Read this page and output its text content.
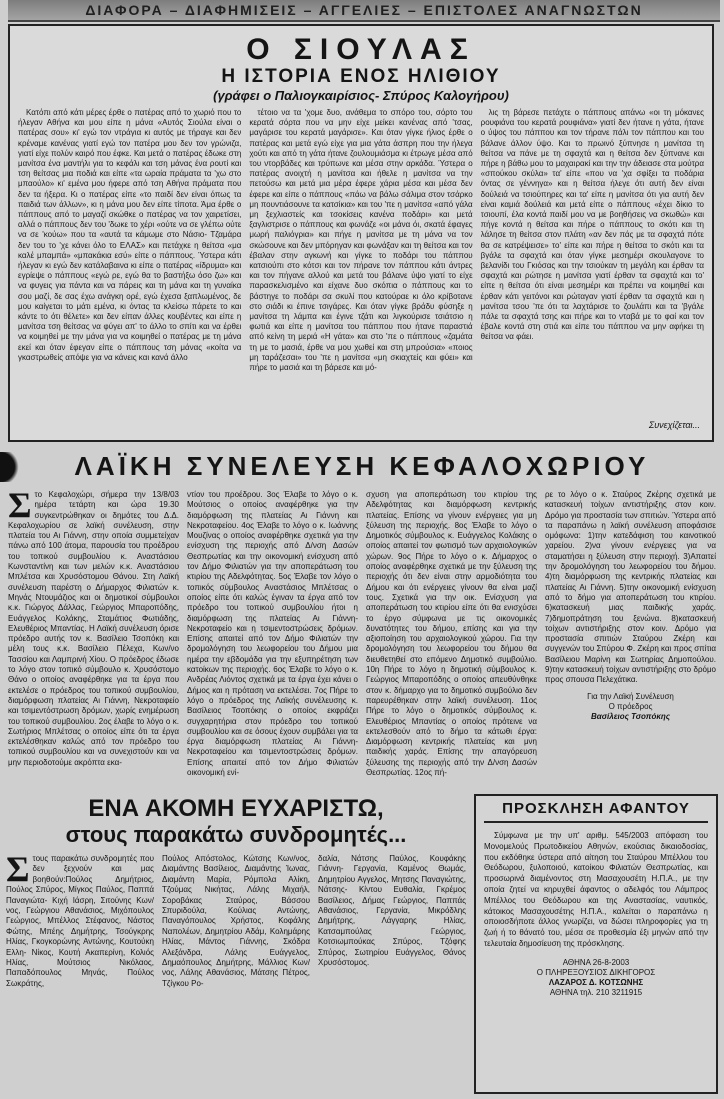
ΔΙΑΦΟΡΑ – ΔΙΑΦΗΜΙΣΕΙΣ – ΑΓΓΕΛΙΕΣ – ΕΠΙΣΤΟΛΕΣ ΑΝΑΓΝΩΣΤΩΝ
Ο ΣΙΟΥΛΑΣ
Η ΙΣΤΟΡΙΑ ΕΝΟΣ ΗΛΙΘΙΟΥ
(γράφει ο Παλιογκαιρίσιος- Σπύρος Καλογήρου)

Κατόπι από κάτι μέρες έρθε ο πατέρας από το χωριό που το ήλεγαν Αθήνα και μου είπε η μάνα «Αυτός Σιούλα είναι ο πατέρας σου» κι' εγώ τον ντράγια κι αυτός με τήραγε και δεν κρέναμε κανένας γιατί εγώ τον πατέρα μου δεν τον γρώνιζα, γιατί είχε πολύν καιρό που έφκε. Και μετά ο πατέρας έδωκε στη μανίτσα ένα μαντήλι για το κεφάλι και τση μάνας ένα ρουτί και τση θείτσας μια ποδιά και είπε «τα ωραία πράματα τα 'χω στο μπαούλο» κι' εμένα μου ήφερε από τση Αθήνα πράματα που δεν τα ήξερα. Κι ο πατέρας είπε «το παιδί δεν είναι όπως τα παιδιά των άλλων», κι η μάνα μου δεν είπε τίποτα. Άμα έρθε ο πάππους από το μαγαζί σκώθκε ο πατέρας να τον χαιρετίσει, αλλά ο πάππους δεν του 'δωκε το χέρι «ούτε να σε γλέπω ούτε να σε 'κούω» που τα «αυτά τα κάμωμε στο Νάσιο- Τζαμάρα δεν του το 'χε κάνει όλο το ΕΛΑΣ» και πετάχκε η θείτσα «μα καλέ μπαμπά» «μπακάκια εσύ» είπε ο πάππους. Ύστερα κάτι ήλεγαν κι εγώ δεν κατάλαβαινα κι είπε ο πατέρας «ίδρυμα» και εγρίεψε ο πάππους «εγώ ρε, εγώ θα το βαστήξω όσο ζω» και να φυγεις για πάντα και να πάρεις και τη μάνα και τη γυναίκα σου μαζί, δε σας έχω ανάγκη ορέ, εγώ έχεσα ξαπλωμένος, δε μου καίγεται το μάτι εμένα, κι όντας τα κλείσω πάρετε το και κάντε το ότι θέλετε» και δεν είπαν άλλες κουβέντες και είπε η μανίτσα τση θείτσας να φύγει απ' το άλλο το σπίτι και να έρθει να κοιμηθεί με την μάνα για να κοιμηθεί ο πατέρας με τη μάνα εκεί και όταν έφεγαν είπε ο πάππους τση μάνας «κοίτα να γκαστρωθείς απόψε για να κάνεις και κανά άλλο

τέτοιο να τα 'χομε δυο, ανάθεμα το σπόρο του, σόρτο του κερατά σόρτα που να μην είχε μείκει κανένας από 'τσας, μαγάρισε του κερατά μαγάρισε». Και όταν γίγκε ήλιος έρθε ο πατέρας και μετά εγώ είχε για μια γάτα άσπρη που την ήλεγα χούτι και από τη γάτα ήτανε ζουλουμιάσμα κι έτρωγε μέσα από του ντορβάδες και τρύπωνε και μέσα στην αρκάδα. Ύστερα ο πατέρας ανοιχτή η μανίτσα και ήθελε η μανίτσα να την πετούσω και μετά μια μέρα έφερε χάρια μέσα και μέσα δεν έφερε και είπε ο πάππους «πάω να βάλω σάλιμα στον τσάρκο μη πουντιάσουνε τα κατσίκια» και του 'πε η μανίτσα «από γάλα μη ξεχλιαστείς και τσοκίσεις κανένα ποδάρι» και μετά ξαγλιστρισε ο πάππους και φωνάζε «οι μάνα όι, σκατά έφαγες μωρή παλιόγρια» και πήγε η μανίτσα με τη μάνα να τον σκώσουνε και δεν μπόρηγαν και φωνάξαν και τη θείτσα και τον έβαλαν στην αγκωνή και γίγκε το ποδάρι του πάππου κατσιούπι στο κότσι και τον πήρανε τον πάππου κάτι άντρες και τον πήγανε αλλού και μετά του βάλανε ύψο γιατί το είχε παρασκελισμένο και είχανε δυο σκόπια ο πάππους και το βάστηγε το ποδάρι σα σκυλί που κατούραε κι όλο κρίβοτανε στο σιάδι κι έπινε τσιγάρες. Και όταν γίγκε βράδυ φύσηξε η μανίτσα τη λάμπα και έγινε τζάτι και λιγκούρισε τσιάτσιο η φωτιά και είπε η μανίτσα του πάππου που ήτανε παραστιά από κείνη τη μεριά «Η γάτα» και στο 'πε ο πάππους «ζαμάτα τη με το μασιά, έρθε να μου χωθεί και στη μπρούσια» «ποιος μη ταράζεσαι» του 'πε η μανίτσα «μη σκιαχτείς και φύει» και πήρε το μασιά και τη βάρεσε και μό-

λις τη βάρεσε πετάχτε ο πάππους απάνω «οι τη μόκανες ρουφιάνα του κερατά ρουφιάνα» γιατί δεν ήτανε η γάτα, ήτανε ο ύψος του πάππου και τον τήρανε πάλι τον πάππου και του βάλανε άλλον ύψο. Και το πρωινό ξύπνησε η μανίτσα τη θείτσα να πάνε με τη σφαχτά και η θείτσα δεν ξύπνανε και πήρε η βάθω μου το μαχαιρακί και την την άδειασε στα μούτρα «σπούκου σκύλα» τα' είπε «που να 'χα σφίξει τα ποδάρια όντας σε γέννηγα» και η θείτσα ήλεγε ότι αυτή δεν είναι δούλειά να τσιούπηρες και τα' είπε η μανίτσα ότι για αυτή δεν είναι καμιά δούλειά και μετά είπε ο πάππους «έχει δίκιο το τσιουπί, έλα κοντά παιδί μου να με βοηθήσεις να σκωθώ» και πήγε κοντά η θείτσα και πήρε ο πάππους το σκότι και τη λάλησε τη θείτσα στον πλάτη «αν δεν πάς με τα σφαχτά πότε θα σε κατρέψεισε» το' είπε και πήρε η θείτσα το σκότι και τα βγάλε τα σφαχτά και όταν γίγκε μεσημέρι σκουλαγονε το βελανίδι του Γκιόσας και την τσιούκαν τη μεγάλη και έρθαν τα σφαχτά και ρώτησε η μανίτσα γιατί έρθαν τα σφαχτά και το' είπε η θείτσα ότι είναι μεσημέρι και πρέπει να κοιμηθεί και έρθαν κάτι γειτόνοι και ρώταγαν γιατί έρθαν τα σφαχτά και η μανίτσα τσου 'πε ότι τα λαχτάρισε το ζουλάπι και τα 'βγάλε πάλε τα σφαχτά τσης και πήρε και το νταβά με το φαί και τον έβαλε κοντά στη στιά και είπε του πάππου να μην αφήκει τη θείτσα να φάει.

Συνεχίζεται...
ΛΑΪΚΗ ΣΥΝΕΛΕΥΣΗ ΚΕΦΑΛΟΧΩΡΙΟΥ
Σ το Κεφαλοχώρι, σήμερα την 13/8/03 ημέρα τετάρτη και ώρα 19.30 συγκεντρώθηκαν οι δημότες του Δ.Δ. Κεφαλοχωρίου σε λαϊκή συνέλευση, στην πλατεία του Αι Γιάννη, στην οποία συμμετείχαν πάνω από 100 άτομα, παρουσία του προέδρου του τοπικού συμβουλίου κ. Αναστάσιου Κωνσταντίνη και των μελών κ.κ. Αναστάσιου Μπλέτσα και Χρυσόστομου Θάνου. Στη Λαϊκή συνέλευση παρέστη ο Δήμαρχος Φιλιατών κ. Μηνάς Ντουμάζιος και οι δημοτικοί σύμβουλοι κ.κ. Γιώργος Δάλλας, Γεώργιος Μπαροπόδης, Ευάγγελος Κολάκης, Σταμάτιος Φωτιάδης, Ελευθέριος Μπαντίας. Η Λαϊκή συνέλευση όρισε πρόεδρο αυτής τον κ. Βασίλειο Τσοπόκη και μέλη τους κ.κ. Βασίλειο Πέλεχα, Κων/νο Τασσίου και Λαμπρινή Χίου. Ο πρόεδρος έδωσε το λόγο στον τοπικό σύμβουλο κ. Χρυσόστομο Θάνο ο οποίος αναφέρθηκε για τα έργα που εκτελέσε ο πρόεδρος του τοπικού συμβουλίου, διαμόρφωση πλατείας Αι Γιάννη, Νεκροταφείο και τσιμεντόστρωση δρόμων, χωρίς ενημέρωση του τοπικού συμβουλίου. 2ος έλαβε το λόγο ο κ. Σωτήριος Μπλέτσας ο οποίος είπε ότι τα έργα εκτελέσθηκαν καλώς από τον πρόεδρο του τοπικού συμβουλίου και να συνεχιστούν και να μην περιοδοτούμε ακρόπτα εκα-
ντίον του προέδρου. 3ος Έλαβε το λόγο ο κ. Μούτσιος ο οποίος αναφέρθηκε για την διαμόρφωση της πλατείας Αι Γιάννη και Νεκροταφείου. 4ος Έλαβε το λόγο ο κ. Ιωάννης Μουζίνας ο οποίος αναφέρθηκε σχετικά για την ενίσχυση της περιοχής από Δ/νση Δασών Θεσπρωτίας και την οικονομική ενίσχυση από τον Δήμο Φιλιατών για την αποπεράτωση του κτιρίου της Αδελφότητας. 5ος Έλαβε τον λόγο ο τοπικός σύμβουλος Αναστάσιος Μπλέτσας ο οποίος είπε ότι καλώς έγιναν τα έργα από τον πρόεδρο του τοπικού συμβουλίου ήτοι η διαμόρφωση της πλατείας Αι Γιάννη- Νεκροταφείο και η τσιμεντοστρώσεις δρόμων. Επίσης απαιτεί από τον Δήμο Φιλιατών την δρομολόγηση του λεωφορείου του Δήμου μια ημέρα την εβδομάδα για την εξυπηρέτηση των κατοίκων της περιοχής. 6ος Έλαβε το λόγο ο κ. Ανδρέας Λιόντος σχετικά με τα έργα έχει κάνει ο Δήμος και η πρόταση να εκτελέσει. 7ος Πήρε το λόγο ο πρόεδρος της Λαϊκής συνέλευσης κ. Βασίλειος Τσοπόκης ο οποίος εκφράζει συγχαρητήρια στον πρόεδρο του τοπικού συμβουλίου και σε όσους έχουν συμβάλει για τα έργα διαμόρφωση πλατείας Αι Γιάννη- Νεκροταφείου και τσιμεντοστρώσεις δρόμων. Επίσης απαιτεί από τον Δήμο Φιλιατών οικονομική ενί-
σχυση για αποπεράτωση του κτιρίου της Αδελφότητας και διαμόρφωση κεντρικής πλατείας. Επίσης να γίνουν ενέργειες για μη ξύλευση της περιοχής. 8ος Έλαβε το λόγο ο Δημοτικός σύμβουλος κ. Ευάγγελος Κολάκης ο οποίος απαιτεί τον φωτισμό των αρχαιολογικών χώρων. 9ος Πήρε το λόγο ο κ. Δήμαρχος ο οποίος αναφέρθηκε σχετικά με την ξύλευση της περιοχής ότι δεν είναι στην αρμοδιότητα του Δήμου και ότι ενέργειες γίνουν θα είναι μαζί τους. Σχετικά για την οικ. Ενίσχυση για αποπεράτωση του κτιρίου είπε ότι θα ενισχύσει το έργο σύμφωνα με τις οικονομικές δυνατότητες του δήμου, επίσης και για την αξιοποίηση του αρχαιολογικού χώρου. Για την δρομολόγηση του λεωφορείου του δήμου θα διευθετηθεί στο επόμενο Δημοτικό συμβούλιο. 10η Πήρε το λόγο η δημοτική σύμβουλος κ. Γεώργιος Μπαροπόδης ο οποίος απευθύνθηκε στον κ. δήμαρχο για το δημοτικό συμβούλιο δεν παρευρέθηκαν στην λαϊκή συνέλευση. 11ος Πήρε το λόγο ο δημοτικός σύμβουλος κ. Ελευθέριος Μπαντίας ο οποίος πρότεινε να εκτελεσθούν από το δήμο τα κάτωθι έργα: Διαμόρφωση κεντρικής πλατείας και μνη παιδικής χαράς. Επίσης την απαγόρευση ξύλευσης της περιοχής από την Δ/νση Δασών Θεσπρωτίας. 12ος πή-
ρε το λόγο ο κ. Σταύρος Ζκέρης σχετικά με κατασκευή τοίχων αντιστήριξης στον κοιν. Δρόμο για προστασία των σπιτιών. Ύστερα από τα παραπάνω η λαϊκή συνέλευση αποφάσισε ομόφωνα: 1)την κατεδάφιση του καινοτικού χαρείου. 2)να γίνουν ενέργειες για να σταματήσει η ξύλευση στην περιοχή. 3)Απαιτεί την δρομολόγηση του λεωφορείου του δήμου. 4)τη διαμόρφωση της κεντρικής πλατείας και πλατείας Αι Γιάννη. 5)την οικονομική ενίσχυση από το δήμο για αποπεράτωση του κτιρίου. 6)κατασκευή μιας παιδικής χαράς. 7)δημοπράτηση του ξενώνα. 8)κατασκευή τοίχων αντιστήριξης στον κοιν. Δρόμο για προστασία σπιτιών Σταύρου Ζκέρη και συγγενών του Σπύρου Φ. Ζκέρη και προς σπίτια Βασίλειου Μαρίνη και Σωτηρίας Δημοπούλου. 9)την κατασκευή τοίχων αντιστήριξης στο δρόμο προς σπουσα Πελεχάτικα.
Για την Λαϊκή Συνέλευση
Ο πρόεδρος
Βασίλειος Τσοπόκης
ΕΝΑ ΑΚΟΜΗ ΕΥΧΑΡΙΣΤΩ,
στους παρακάτω συνδρομητές...
Σ τους παρακάτω συνδρομητές που δεν ξεχνούν και μας βοηθούν:Πούλος Δημήτριος, Πούλος Σπύρος, Μίγκος Παύλος, Παππά Παναγιώτα- Κιχή Ιάσρη, Σιτούνης Κων/νος, Γεώργιου Αθανάσιος, Μιχόπουλος Γεώργιος, Μπέλλος Στέφανος, Νάστος Φώτης, Μπέης Δημήτρης, Τσούγκρης Ηλίας, Γκογκορώνης Αντώνης, Κουτούκη Ελλη- Νίκος, Κουτή Ακαπερίνη, Κολιός Ηλίας, Μούτσιος Νικόλαος, Παπαδόπουλος Μηνάς, Πούλος Σωκράτης,
Πούλος Απόστολος, Κώτσης Κων/νος, Διαμάντης Βασίλειος, Διαμάντης Ίωνας, Διαμάντη Μαρία, Ρόμπολα Αλίκη, Τζούμας Νικήτας, Λάλης Μιχαήλ, Σοροβάκας Σταύρος, Βάσσου Σπυριδούλα, Κούλιας Αντώνης, Παναγόπουλος Χρήστος, Κοφάλης Ναπολέων, Δημητρίου Αδάμ, Κολημάρης Ηλίας, Μάντος Γιάννης, Σκόδρα Αλεξάνδρα, Λάλης Ευάγγελος, Δημαόπουλος Δημήτρης, Μάλλιος Κων/νος, Λάλης Αθανάσιος, Μάτσης Πέτρος, Τζίγκου Ρο-
δαλία, Νάτσης Παύλος, Κουφάκης Γιάννη- Γεργανία, Καμένος Θωμάς, Δημητρίου Αγγελος, Μητσης Παναγιώτης, Νάτσης- Κίντου Ευθαλία, Γκρέμος Βασίλειος, Δήμας Γεώργιος, Παππάς Αθανάσιος, Γεργανία, Μικρόδλης Δημήτρης, Λάγγαρης Ηλίας, Κατσαμπούλας Γεώργιος, Κοτσιωμπούκας Σπύρος, Τζόφης Σπύρος, Σωτηρίου Ευάγγελος, Θάνος Χρυσόστομος.
ΠΡΟΣΚΛΗΣΗ ΑΦΑΝΤΟΥ
Σύμφωνα με την υπ' αριθμ. 545/2003 απόφαση του Μονομελούς Πρωτοδικείου Αθηνών, εκούσιας δικαιοδοσίας, που εκδόθηκε ύστερα από αίτηση του Σταύρου Μπέλλου του Θεόδωρου, ξυλοποιού, κατοίκου Φιλιατών Θεσπρωτίας, και προσωρινά διαμένοντος στη Μασαχουσέτη Η.Π.Α., με την οποία ζητεί να κηρυχθεί άφαντος ο αδελφός του Λάμπρος Μπέλλος του Θεόδωρου και της Αναστασίας, ναυτικός, κάτοικος Μασαχουσέτης Η.Π.Α., καλείται ο παραπάνω η οποιοσδήποτε άλλος γνωρίζει, να δώσει πληροφορίες για τη ζωή ή το θάνατό του, μέσα σε προθεσμία έξι μηνών από την τελευταία δημοσίευση της πρόσκλησης.
ΑΘΗΝΑ 26-8-2003
Ο ΠΛΗΡΕΞΟΥΣΙΟΣ ΔΙΚΗΓΟΡΟΣ
ΛΑΖΑΡΟΣ Δ. ΚΟΤΣΩΝΗΣ
ΑΘΗΝΑ τηλ. 210 3211915
